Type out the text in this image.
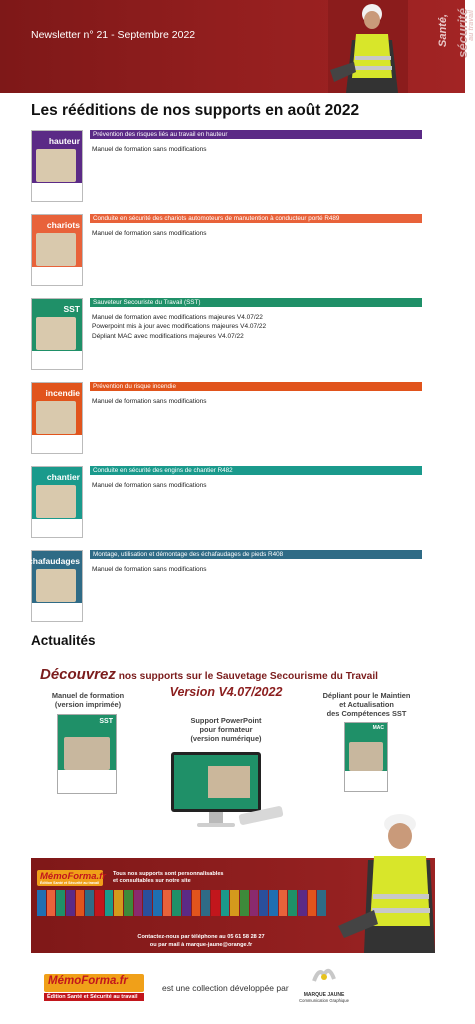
Newsletter n° 21 - Septembre 2022	Santé, sécurité
au travail
Les rééditions de nos supports en août 2022
hauteur
Prévention des risques liés au travail en hauteur
Manuel de formation sans modifications
chariots
Conduite en sécurité des chariots automoteurs de manutention à conducteur porté R489
Manuel de formation sans modifications
SST
Sauveteur Secouriste du Travail (SST)
Manuel de formation avec modifications majeures V4.07/22
Powerpoint mis à jour avec modifications majeures V4.07/22
Dépliant MAC avec modifications majeures V4.07/22
incendie
Prévention du risque incendie
Manuel de formation sans modifications
chantier
Conduite en sécurité des engins de chantier R482
Manuel de formation sans modifications
échafaudages
Montage, utilisation et démontage des échafaudages de pieds R408
Manuel de formation sans modifications
Actualités
Découvrez nos supports sur le Sauvetage Secourisme du Travail
Manuel de formation
(version imprimée)
SST
Version V4.07/2022
Support PowerPoint
pour formateur
(version numérique)
Dépliant pour le Maintien
et Actualisation
des Compétences SST
MAC
MémoForma.fr
Édition Santé et Sécurité au travail
Tous nos supports sont personnalisables
et consultables sur notre site
Contactez-nous par téléphone au 05 61 58 28 27
ou par mail à marque-jaune@orange.fr
MémoForma.fr
Édition Santé et Sécurité au travail
est une collection développée par
MARQUE JAUNE
Communication Graphique
